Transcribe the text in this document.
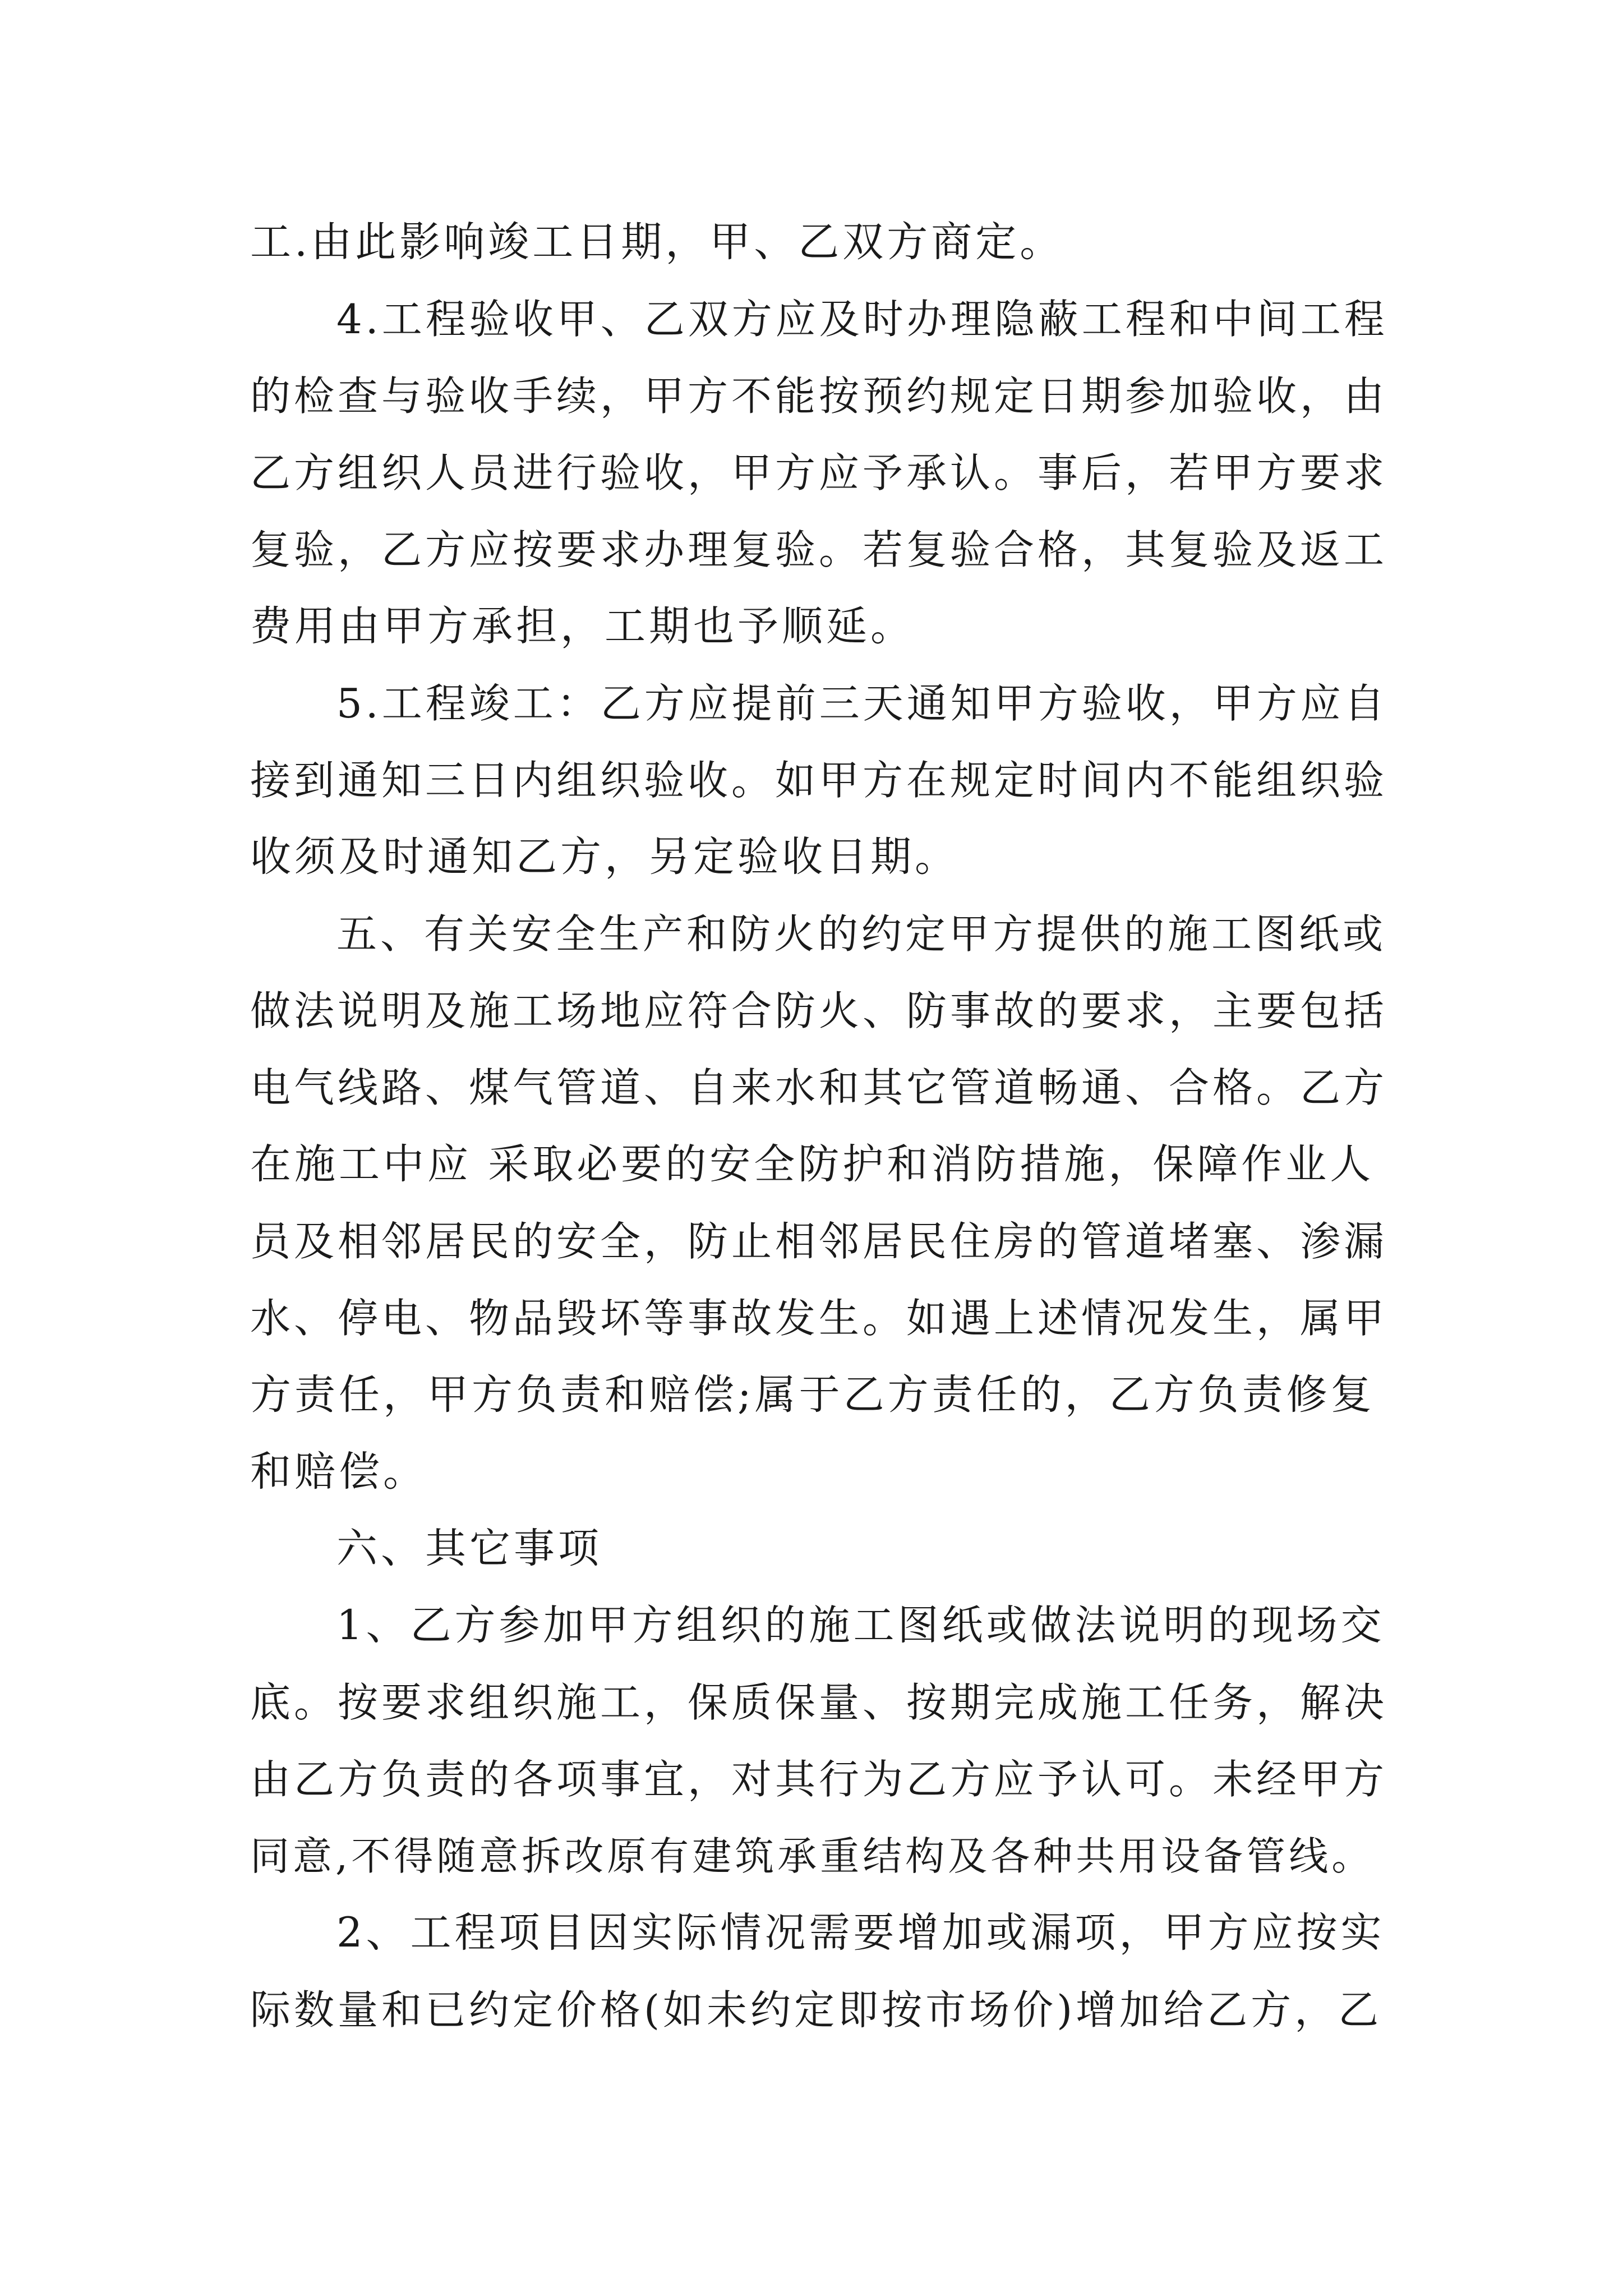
工.由此影响竣工日期，甲、乙双方商定。
4.工程验收甲、乙双方应及时办理隐蔽工程和中间工程
的检查与验收手续，甲方不能按预约规定日期参加验收，由
乙方组织人员进行验收，甲方应予承认。事后，若甲方要求
复验，乙方应按要求办理复验。若复验合格，其复验及返工
费用由甲方承担，工期也予顺延。
5.工程竣工：乙方应提前三天通知甲方验收，甲方应自
接到通知三日内组织验收。如甲方在规定时间内不能组织验
收须及时通知乙方，另定验收日期。
五、有关安全生产和防火的约定甲方提供的施工图纸或
做法说明及施工场地应符合防火、防事故的要求，主要包括
电气线路、煤气管道、自来水和其它管道畅通、合格。乙方
在施工中应 采取必要的安全防护和消防措施，保障作业人
员及相邻居民的安全，防止相邻居民住房的管道堵塞、渗漏
水、停电、物品毁坏等事故发生。如遇上述情况发生，属甲
方责任，甲方负责和赔偿;属于乙方责任的，乙方负责修复
和赔偿。
六、其它事项
1、乙方参加甲方组织的施工图纸或做法说明的现场交
底。按要求组织施工，保质保量、按期完成施工任务，解决
由乙方负责的各项事宜，对其行为乙方应予认可。未经甲方
同意,不得随意拆改原有建筑承重结构及各种共用设备管线。
2、工程项目因实际情况需要增加或漏项，甲方应按实
际数量和已约定价格(如未约定即按市场价)增加给乙方，乙
